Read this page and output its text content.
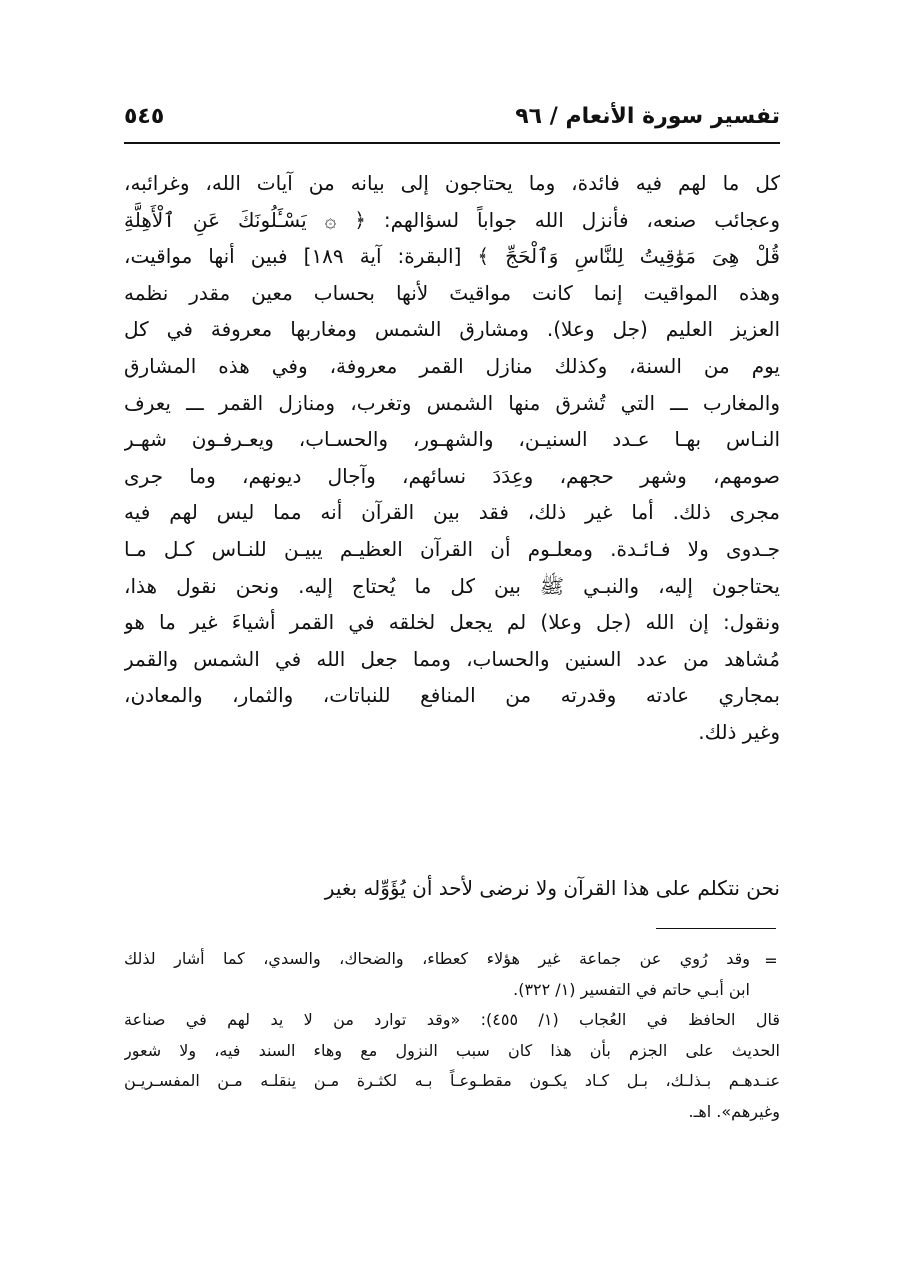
تفسير سورة الأنعام / ٩٦
٥٤٥
كل ما لهم فيه فائدة، وما يحتاجون إلى بيانه من آيات الله، وغرائبه،
وعجائب صنعه، فأنزل الله جواباً لسؤالهم: ﴿ ۞ يَسْـَٔلُونَكَ عَنِ ٱلْأَهِلَّةِ
قُلْ هِىَ مَوَٰقِيتُ لِلنَّاسِ وَٱلْحَجِّ ﴾ [البقرة: آية ١٨٩] فبين أنها مواقيت،
وهذه المواقيت إنما كانت مواقيتَ لأنها بحساب معين مقدر نظمه
العزيز العليم (جل وعلا). ومشارق الشمس ومغاربها معروفة في كل
يوم من السنة، وكذلك منازل القمر معروفة، وفي هذه المشارق
والمغارب ـــ التي تُشرق منها الشمس وتغرب، ومنازل القمر ـــ يعرف
النـاس بهـا عـدد السنيـن، والشهـور، والحسـاب، ويعـرفـون شهـر
صومهم، وشهر حجهم، وعِدَدَ نسائهم، وآجال ديونهم، وما جرى
مجرى ذلك. أما غير ذلك، فقد بين القرآن أنه مما ليس لهم فيه
جـدوى ولا فـائـدة. ومعلـوم أن القرآن العظيـم يبيـن للنـاس كـل مـا
يحتاجون إليه، والنبـي ﷺ بين كل ما يُحتاج إليه. ونحن نقول هذا،
ونقول: إن الله (جل وعلا) لم يجعل لخلقه في القمر أشياءَ غير ما هو
مُشاهد من عدد السنين والحساب، ومما جعل الله في الشمس والقمر
بمجاري عادته وقدرته من المنافع للنباتات، والثمار، والمعادن،
وغير ذلك.
نحن نتكلم على هذا القرآن ولا نرضى لأحد أن يُؤَوِّله بغير
=
وقد رُوي عن جماعة غير هؤلاء كعطاء، والضحاك، والسدي، كما أشار لذلك
ابن أبـي حاتم في التفسير (١/ ٣٢٢).
قال الحافظ في العُجاب (١/ ٤٥٥): «وقد توارد من لا يد لهم في صناعة
الحديث على الجزم بأن هذا كان سبب النزول مع وهاء السند فيه، ولا شعور
عنـدهـم بـذلـك، بـل كـاد يكـون مقطـوعـاً بـه لكثـرة مـن ينقلـه مـن المفسـريـن
وغيرهم». اهـ.
